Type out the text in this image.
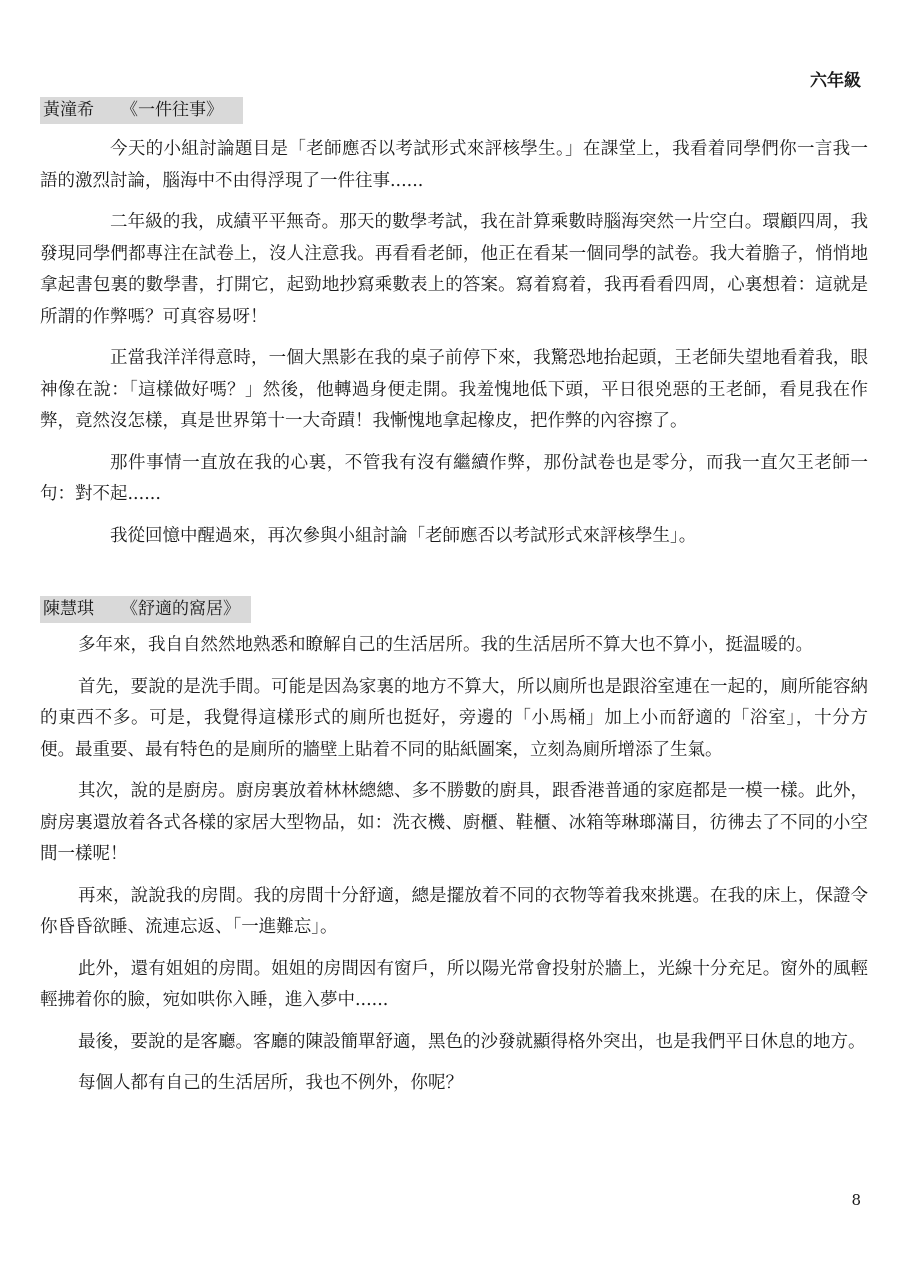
六年級

黃潼希 《一件往事》

今天的小組討論題目是「老師應否以考試形式來評核學生。」在課堂上，我看着同學們你一言我一語的激烈討論，腦海中不由得浮現了一件往事......

二年級的我，成績平平無奇。那天的數學考試，我在計算乘數時腦海突然一片空白。環顧四周，我發現同學們都專注在試卷上，沒人注意我。再看看老師，他正在看某一個同學的試卷。我大着膽子，悄悄地拿起書包裏的數學書，打開它，起勁地抄寫乘數表上的答案。寫着寫着，我再看看四周，心裏想着：這就是所謂的作弊嗎？可真容易呀！

正當我洋洋得意時，一個大黑影在我的桌子前停下來，我驚恐地抬起頭，王老師失望地看着我，眼神像在說：「這樣做好嗎？」然後，他轉過身便走開。我羞愧地低下頭，平日很兇惡的王老師，看見我在作弊，竟然沒怎樣，真是世界第十一大奇蹟！我慚愧地拿起橡皮，把作弊的內容擦了。

那件事情一直放在我的心裏，不管我有沒有繼續作弊，那份試卷也是零分，而我一直欠王老師一句：對不起......

我從回憶中醒過來，再次參與小組討論「老師應否以考試形式來評核學生」。

陳慧琪 《舒適的窩居》

多年來，我自自然然地熟悉和瞭解自己的生活居所。我的生活居所不算大也不算小，挺温暖的。

首先，要說的是洗手間。可能是因為家裏的地方不算大，所以廁所也是跟浴室連在一起的，廁所能容納的東西不多。可是，我覺得這樣形式的廁所也挺好，旁邊的「小馬桶」加上小而舒適的「浴室」，十分方便。最重要、最有特色的是廁所的牆壁上貼着不同的貼紙圖案，立刻為廁所增添了生氣。

其次，說的是廚房。廚房裏放着林林總總、多不勝數的廚具，跟香港普通的家庭都是一模一樣。此外，廚房裏還放着各式各樣的家居大型物品，如：洗衣機、廚櫃、鞋櫃、冰箱等琳瑯滿目，彷彿去了不同的小空間一樣呢！

再來，說說我的房間。我的房間十分舒適，總是擺放着不同的衣物等着我來挑選。在我的床上，保證令你昏昏欲睡、流連忘返、「一進難忘」。

此外，還有姐姐的房間。姐姐的房間因有窗戶，所以陽光常會投射於牆上，光線十分充足。窗外的風輕輕拂着你的臉，宛如哄你入睡，進入夢中......

最後，要說的是客廳。客廳的陳設簡單舒適，黑色的沙發就顯得格外突出，也是我們平日休息的地方。

每個人都有自己的生活居所，我也不例外，你呢？

8
